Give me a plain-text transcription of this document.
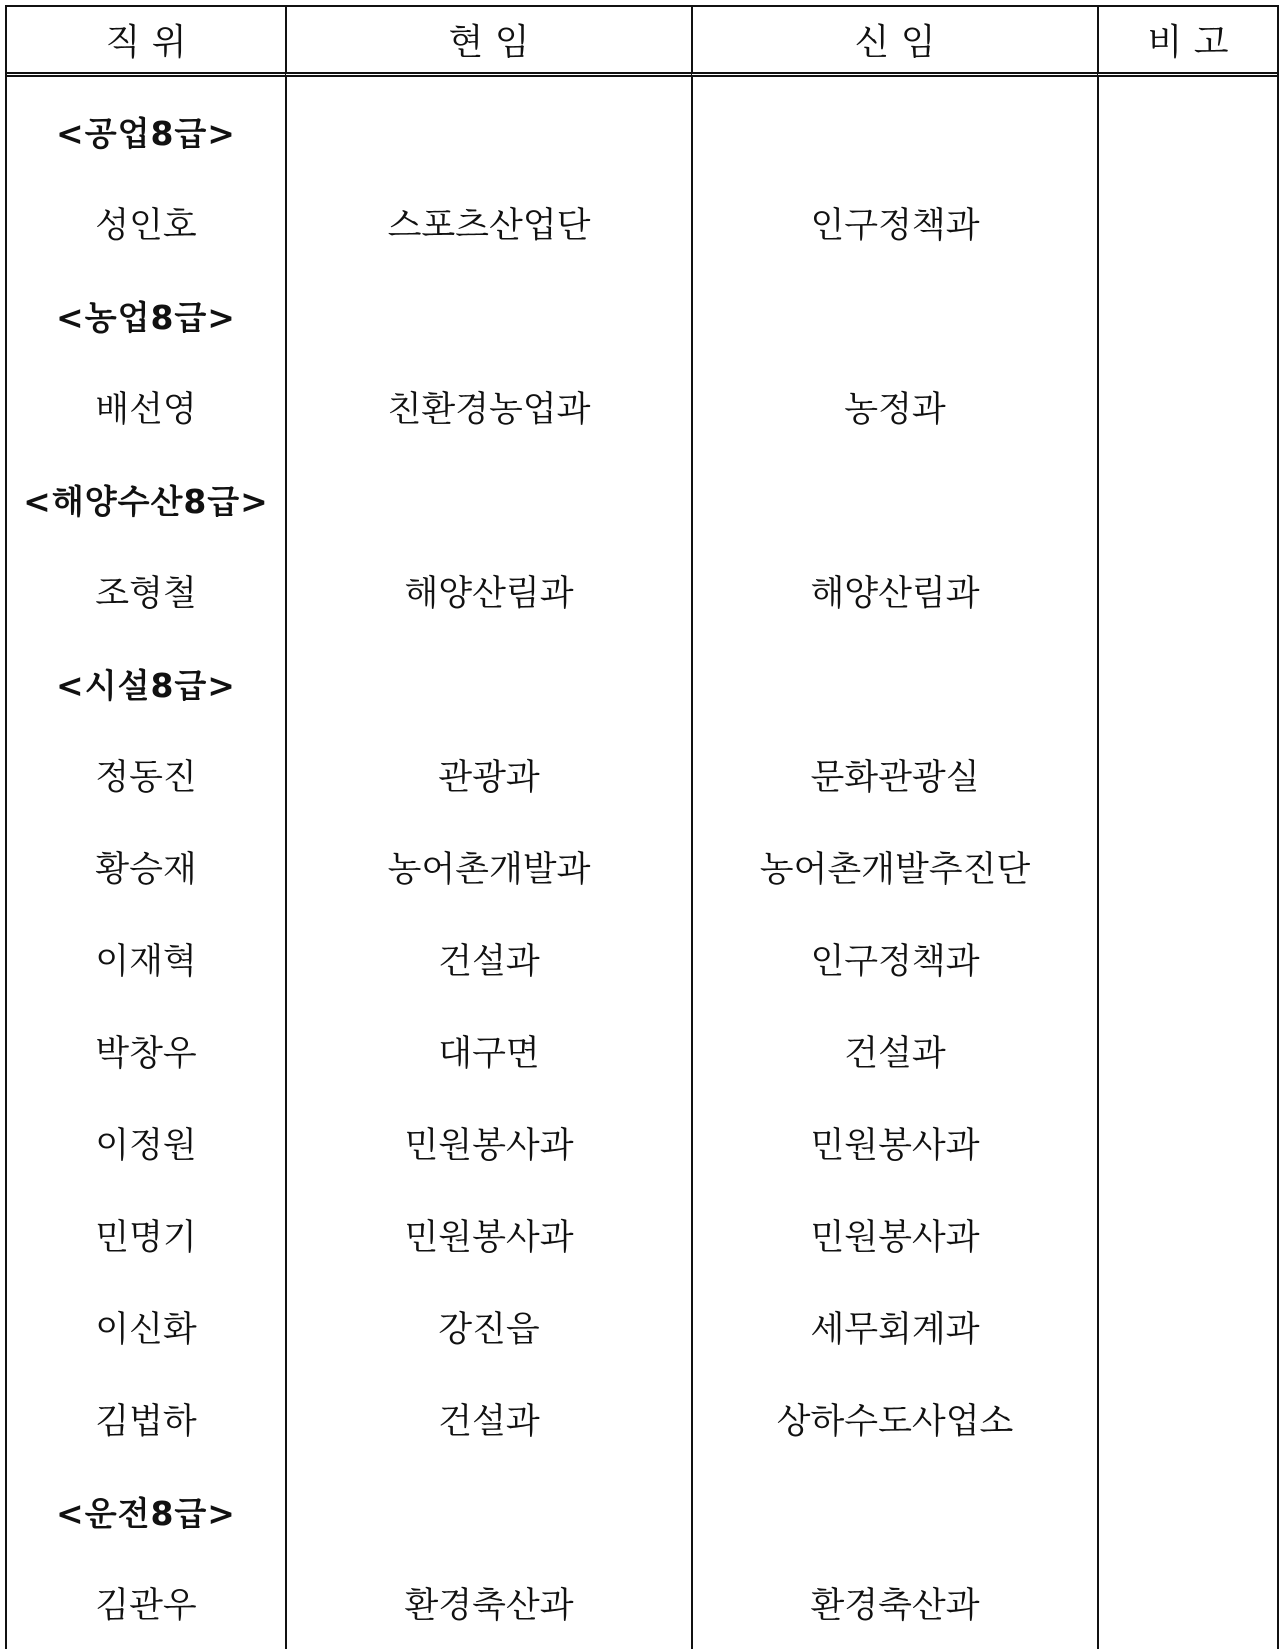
직 위	현 임	신 임	비 고
<공업8급>			
성인호	스포츠산업단	인구정책과	
<농업8급>			
배선영	친환경농업과	농정과	
<해양수산8급>			
조형철	해양산림과	해양산림과	
<시설8급>			
정동진	관광과	문화관광실	
황승재	농어촌개발과	농어촌개발추진단	
이재혁	건설과	인구정책과	
박창우	대구면	건설과	
이정원	민원봉사과	민원봉사과	
민명기	민원봉사과	민원봉사과	
이신화	강진읍	세무회계과	
김법하	건설과	상하수도사업소	
<운전8급>			
김관우	환경축산과	환경축산과	
